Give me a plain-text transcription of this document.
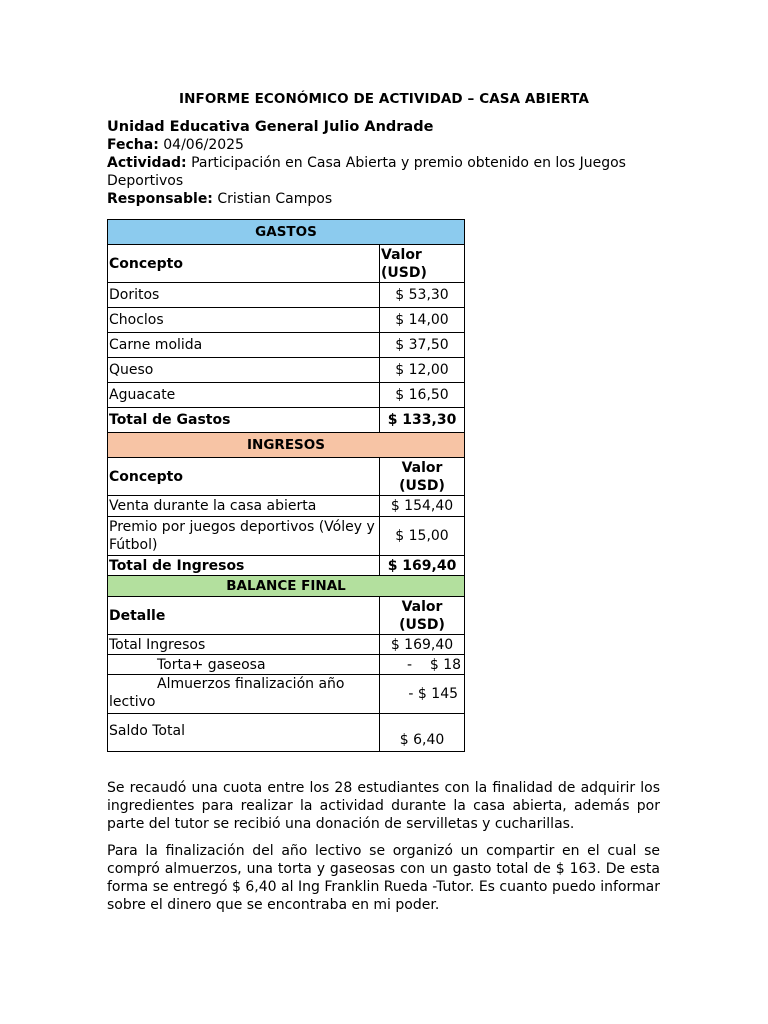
INFORME ECONÓMICO DE ACTIVIDAD – CASA ABIERTA

Unidad Educativa General Julio Andrade

Fecha: 04/06/2025

Actividad: Participación en Casa Abierta y premio obtenido en los Juegos Deportivos

Responsable: Cristian Campos

GASTOS	
Concepto	Valor (USD)
Doritos	$ 53,30
Choclos	$ 14,00
Carne molida	$ 37,50
Queso	$ 12,00
Aguacate	$ 16,50
Total de Gastos	$ 133,30
INGRESOS	
Concepto	Valor (USD)
Venta durante la casa abierta	$ 154,40
Premio por juegos deportivos (Vóley y Fútbol)	$ 15,00
Total de Ingresos	$ 169,40
BALANCE FINAL	
Detalle	Valor (USD)
Total Ingresos	$ 169,40
Torta+ gaseosa	-    $ 18

Almuerzos finalización año lectivo	- $ 145
Saldo Total	$ 6,40

Se recaudó una cuota entre los 28 estudiantes con la finalidad de adquirir los ingredientes para realizar la actividad durante la casa abierta, además por parte del tutor se recibió una donación de servilletas y cucharillas.

Para la finalización del año lectivo se organizó un compartir en el cual se compró almuerzos, una torta y gaseosas con un gasto total de $ 163. De esta forma se entregó $ 6,40 al Ing Franklin Rueda -Tutor. Es cuanto puedo informar sobre el dinero que se encontraba en mi poder.
